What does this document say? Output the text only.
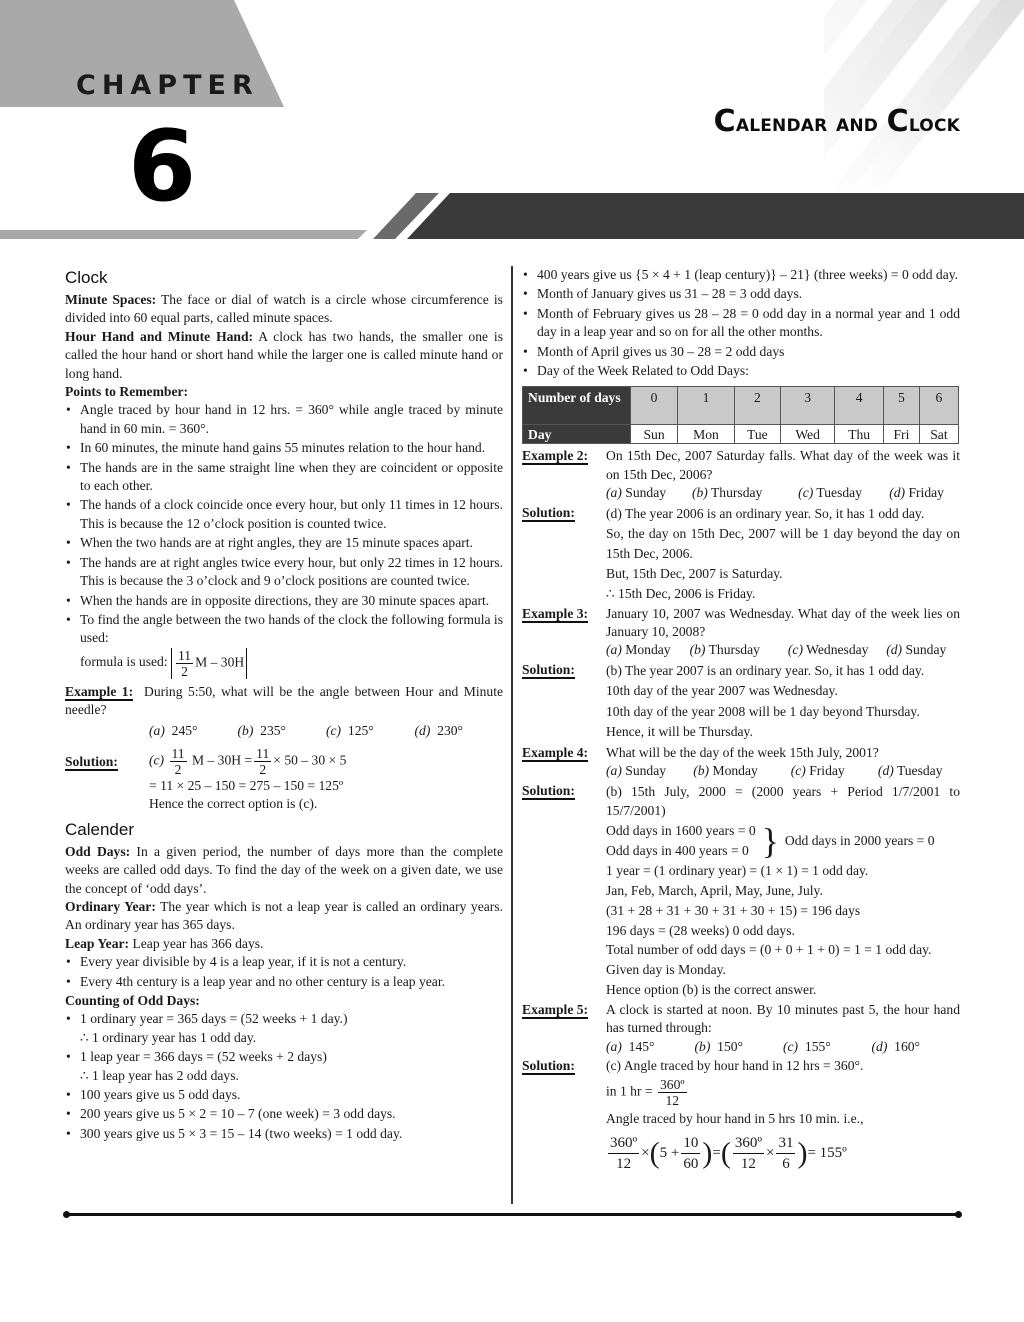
CHAPTER
6	Calendar and Clock
Clock

Minute Spaces: The face or dial of watch is a circle whose circumference is divided into 60 equal parts, called minute spaces.

Hour Hand and Minute Hand: A clock has two hands, the smaller one is called the hour hand or short hand while the larger one is called minute hand or long hand.

Points to Remember:

• Angle traced by hour hand in 12 hrs. = 360° while angle traced by minute hand in 60 min. = 360°.
• In 60 minutes, the minute hand gains 55 minutes relation to the hour hand.
• The hands are in the same straight line when they are coincident or opposite to each other.
• The hands of a clock coincide once every hour, but only 11 times in 12 hours. This is because the 12 o’clock position is counted twice.
• When the two hands are at right angles, they are 15 minute spaces apart.
• The hands are at right angles twice every hour, but only 22 times in 12 hours. This is because the 3 o’clock and 9 o’clock positions are counted twice.
• When the hands are in opposite directions, they are 30 minute spaces apart.
• To find the angle between the two hands of the clock the following formula is used:
formula is used: $\frac{11}{2}$ M – 30H

Example 1: During 5:50, what will be the angle between Hour and Minute needle?

(a) 245°	(b) 235°	(c) 125°	(d) 230°
Solution:	$(c) \frac{11}{2}$ $M - 30H = \frac{11}{2} \times 50 - 30 \times 5$
= 11 × 25 – 150 = 275 – 150 = 125º
Hence the correct option is (c).
Calender

Odd Days: In a given period, the number of days more than the complete weeks are called odd days. To find the day of the week on a given date, we use the concept of ‘odd days’.

Ordinary Year: The year which is not a leap year is called an ordinary years. An ordinary year has 365 days.

Leap Year: Leap year has 366 days.

• Every year divisible by 4 is a leap year, if it is not a century.
• Every 4th century is a leap year and no other century is a leap year.

Counting of Odd Days:

• 1 ordinary year = 365 days = (52 weeks + 1 day.)
∴ 1 ordinary year has 1 odd day.
• 1 leap year = 366 days = (52 weeks + 2 days)
∴ 1 leap year has 2 odd days.
• 100 years give us 5 odd days.
• 200 years give us 5 × 2 = 10 – 7 (one week) = 3 odd days.
• 300 years give us 5 × 3 = 15 – 14 (two weeks) = 1 odd day.
• 400 years give us {5 × 4 + 1 (leap century)} – 21} (three weeks) = 0 odd day.
• Month of January gives us 31 – 28 = 3 odd days.
• Month of February gives us 28 – 28 = 0 odd day in a normal year and 1 odd day in a leap year and so on for all the other months.
• Month of April gives us 30 – 28 = 2 odd days
• Day of the Week Related to Odd Days:
Number of days	0	1	2	3	4	5	6
Day	Sun	Mon	Tue	Wed	Thu	Fri	Sat
Example 2:	On 15th Dec, 2007 Saturday falls. What day of the week was it on 15th Dec, 2006?
(a) Sunday	(b) Thursday	(c) Tuesday	(d) Friday
Solution:	(d) The year 2006 is an ordinary year. So, it has 1 odd day.
So, the day on 15th Dec, 2007 will be 1 day beyond the day on 15th Dec, 2006.
But, 15th Dec, 2007 is Saturday.
∴ 15th Dec, 2006 is Friday.
Example 3:	January 10, 2007 was Wednesday. What day of the week lies on January 10, 2008?
(a) Monday	(b) Thursday	(c) Wednesday	(d) Sunday
Solution:	(b) The year 2007 is an ordinary year. So, it has 1 odd day.
10th day of the year 2007 was Wednesday.
10th day of the year 2008 will be 1 day beyond Thursday.
Hence, it will be Thursday.
Example 4:	What will be the day of the week 15th July, 2001?
(a) Sunday	(b) Monday	(c) Friday	(d) Tuesday
Solution:	(b) 15th July, 2000 = (2000 years + Period 1/7/2001 to 15/7/2001)
Odd days in 1600 years = 0
Odd days in 400 years = 0 } Odd days in 2000 years = 0
1 year = (1 ordinary year) = (1 × 1) = 1 odd day.
Jan, Feb, March, April, May, June, July.
(31 + 28 + 31 + 30 + 31 + 30 + 15) = 196 days
196 days = (28 weeks) 0 odd days.
Total number of odd days = (0 + 0 + 1 + 0) = 1 = 1 odd day.
Given day is Monday.
Hence option (b) is the correct answer.
Example 5:	A clock is started at noon. By 10 minutes past 5, the hour hand has turned through:
(a) 145°	(b) 150°	(c) 155°	(d) 160°
Solution:	(c) Angle traced by hour hand in 12 hrs = 360°.
in 1 hr = $\frac{\text{360º}}{12}$
Angle traced by hour hand in 5 hrs 10 min. i.e.,
$\frac{\text{360º}}{12} \times(5 + \frac{10}{60}$ )=( $\frac{\text{360º}}{12} \times \frac{31}{6}$ )= 155º
